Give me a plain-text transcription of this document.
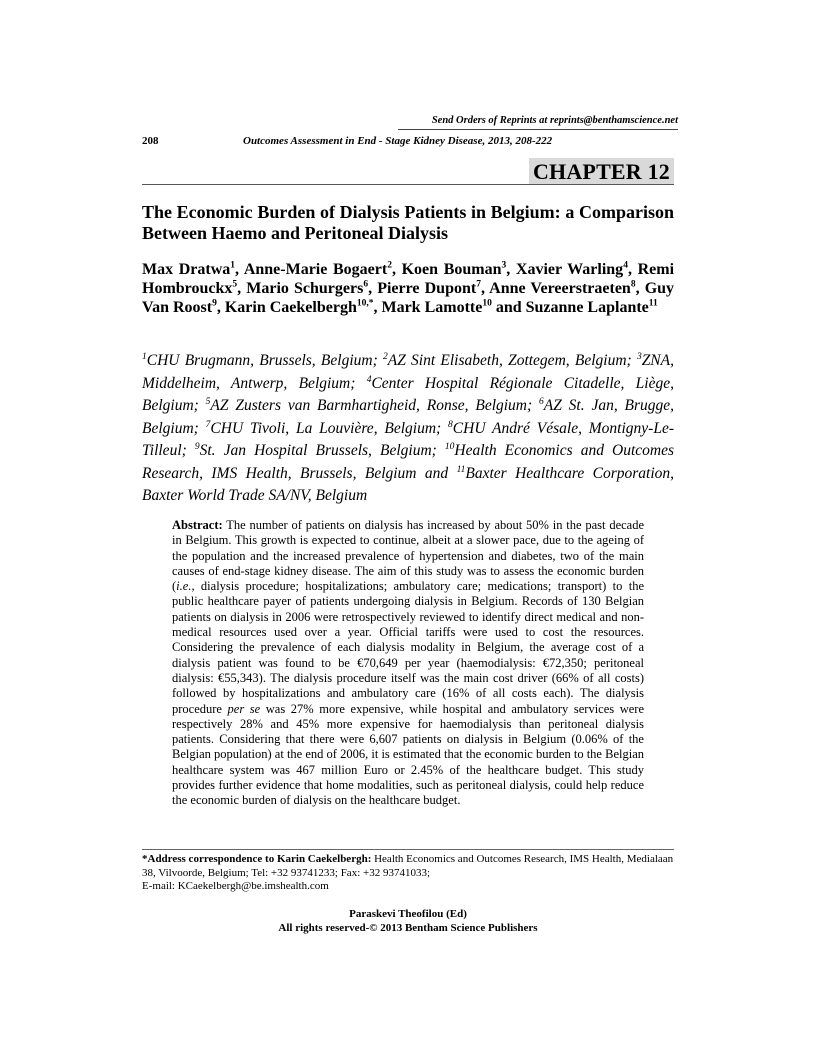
Send Orders of Reprints at reprints@benthamscience.net
208	Outcomes Assessment in End - Stage Kidney Disease, 2013, 208-222
CHAPTER 12
The Economic Burden of Dialysis Patients in Belgium: a Comparison Between Haemo and Peritoneal Dialysis
Max Dratwa$^1$, Anne-Marie Bogaert$^2$, Koen Bouman$^3$, Xavier Warling$^4$, Remi Hombrouckx$^5$, Mario Schurgers$^6$, Pierre Dupont$^7$, Anne Vereerstraeten$^8$, Guy Van Roost$^9$, Karin Caekelbergh$^{10,*}$, Mark Lamotte$^{10}$ and Suzanne Laplante$^{11}$
$^1$CHU Brugmann, Brussels, Belgium; $^2$AZ Sint Elisabeth, Zottegem, Belgium; $^3$ZNA, Middelheim, Antwerp, Belgium; $^4$Center Hospital Régionale Citadelle, Liège, Belgium; $^5$AZ Zusters van Barmhartigheid, Ronse, Belgium; $^6$AZ St. Jan, Brugge, Belgium; $^7$CHU Tivoli, La Louvière, Belgium; $^8$CHU André Vésale, Montigny-Le-Tilleul; $^9$St. Jan Hospital Brussels, Belgium; $^{10}$Health Economics and Outcomes Research, IMS Health, Brussels, Belgium and $^{11}$Baxter Healthcare Corporation, Baxter World Trade SA/NV, Belgium
Abstract: The number of patients on dialysis has increased by about 50% in the past decade in Belgium. This growth is expected to continue, albeit at a slower pace, due to the ageing of the population and the increased prevalence of hypertension and diabetes, two of the main causes of end-stage kidney disease. The aim of this study was to assess the economic burden (i.e., dialysis procedure; hospitalizations; ambulatory care; medications; transport) to the public healthcare payer of patients undergoing dialysis in Belgium. Records of 130 Belgian patients on dialysis in 2006 were retrospectively reviewed to identify direct medical and non-medical resources used over a year. Official tariffs were used to cost the resources. Considering the prevalence of each dialysis modality in Belgium, the average cost of a dialysis patient was found to be €70,649 per year (haemodialysis: €72,350; peritoneal dialysis: €55,343). The dialysis procedure itself was the main cost driver (66% of all costs) followed by hospitalizations and ambulatory care (16% of all costs each). The dialysis procedure per se was 27% more expensive, while hospital and ambulatory services were respectively 28% and 45% more expensive for haemodialysis than peritoneal dialysis patients. Considering that there were 6,607 patients on dialysis in Belgium (0.06% of the Belgian population) at the end of 2006, it is estimated that the economic burden to the Belgian healthcare system was 467 million Euro or 2.45% of the healthcare budget. This study provides further evidence that home modalities, such as peritoneal dialysis, could help reduce the economic burden of dialysis on the healthcare budget.
*Address correspondence to Karin Caekelbergh: Health Economics and Outcomes Research, IMS Health, Medialaan 38, Vilvoorde, Belgium; Tel: +32 93741233; Fax: +32 93741033;
E-mail: KCaekelbergh@be.imshealth.com
Paraskevi Theofilou (Ed)
All rights reserved-© 2013 Bentham Science Publishers
